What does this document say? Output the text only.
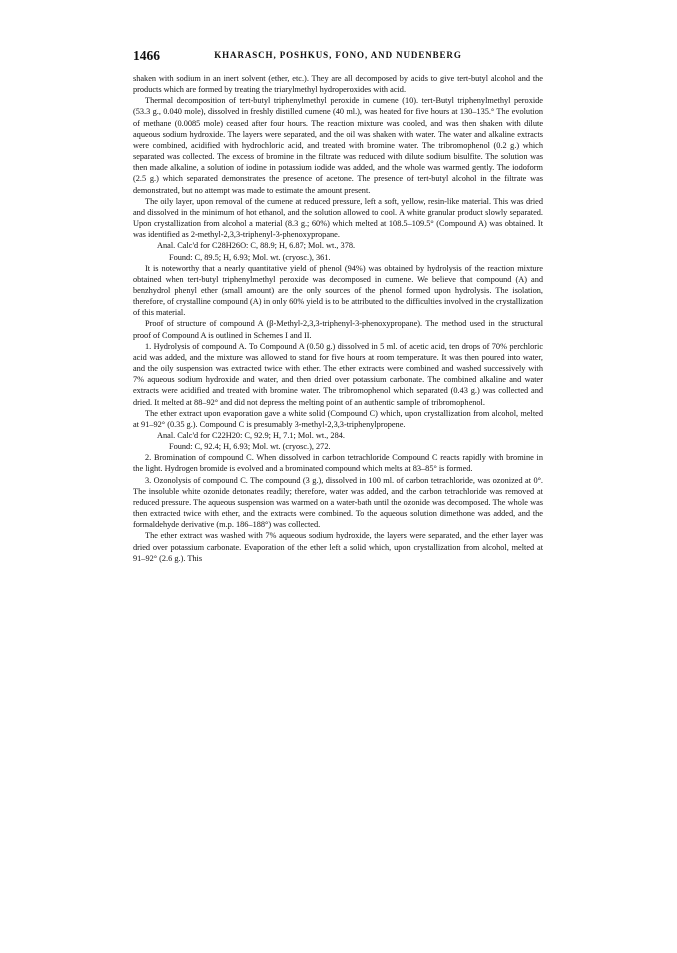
1466	KHARASCH, POSHKUS, FONO, AND NUDENBERG

shaken with sodium in an inert solvent (ether, etc.). They are all decomposed by acids to give tert-butyl alcohol and the products which are formed by treating the triarylmethyl hydroperoxides with acid.

Thermal decomposition of tert-butyl triphenylmethyl peroxide in cumene (10). tert-Butyl triphenylmethyl peroxide (53.3 g., 0.040 mole), dissolved in freshly distilled cumene (40 ml.), was heated for five hours at 130–135.° The evolution of methane (0.0085 mole) ceased after four hours. The reaction mixture was cooled, and was then shaken with dilute aqueous sodium hydroxide. The layers were separated, and the oil was shaken with water. The water and alkaline extracts were combined, acidified with hydrochloric acid, and treated with bromine water. The tribromophenol (0.2 g.) which separated was collected. The excess of bromine in the filtrate was reduced with dilute sodium bisulfite. The solution was then made alkaline, a solution of iodine in potassium iodide was added, and the whole was warmed gently. The iodoform (2.5 g.) which separated demonstrates the presence of acetone. The presence of tert-butyl alcohol in the filtrate was demonstrated, but no attempt was made to estimate the amount present.

The oily layer, upon removal of the cumene at reduced pressure, left a soft, yellow, resin-like material. This was dried and dissolved in the minimum of hot ethanol, and the solution allowed to cool. A white granular product slowly separated. Upon crystallization from alcohol a material (8.3 g.; 60%) which melted at 108.5–109.5° (Compound A) was obtained. It was identified as 2-methyl-2,3,3-triphenyl-3-phenoxypropane.

Anal. Calc'd for C28H26O: C, 88.9; H, 6.87; Mol. wt., 378.

Found: C, 89.5; H, 6.93; Mol. wt. (cryosc.), 361.

It is noteworthy that a nearly quantitative yield of phenol (94%) was obtained by hydrolysis of the reaction mixture obtained when tert-butyl triphenylmethyl peroxide was decomposed in cumene. We believe that compound (A) and benzhydrol phenyl ether (small amount) are the only sources of the phenol formed upon hydrolysis. The isolation, therefore, of crystalline compound (A) in only 60% yield is to be attributed to the difficulties involved in the crystallization of this material.

Proof of structure of compound A (β-Methyl-2,3,3-triphenyl-3-phenoxypropane). The method used in the structural proof of Compound A is outlined in Schemes I and II.

1. Hydrolysis of compound A. To Compound A (0.50 g.) dissolved in 5 ml. of acetic acid, ten drops of 70% perchloric acid was added, and the mixture was allowed to stand for five hours at room temperature. It was then poured into water, and the oily suspension was extracted twice with ether. The ether extracts were combined and washed successively with 7% aqueous sodium hydroxide and water, and then dried over potassium carbonate. The combined alkaline and water extracts were acidified and treated with bromine water. The tribromophenol which separated (0.43 g.) was collected and dried. It melted at 88–92° and did not depress the melting point of an authentic sample of tribromophenol.

The ether extract upon evaporation gave a white solid (Compound C) which, upon crystallization from alcohol, melted at 91–92° (0.35 g.). Compound C is presumably 3-methyl-2,3,3-triphenylpropene.

Anal. Calc'd for C22H20: C, 92.9; H, 7.1; Mol. wt., 284.

Found: C, 92.4; H, 6.93; Mol. wt. (cryosc.), 272.

2. Bromination of compound C. When dissolved in carbon tetrachloride Compound C reacts rapidly with bromine in the light. Hydrogen bromide is evolved and a brominated compound which melts at 83–85° is formed.

3. Ozonolysis of compound C. The compound (3 g.), dissolved in 100 ml. of carbon tetrachloride, was ozonized at 0°. The insoluble white ozonide detonates readily; therefore, water was added, and the carbon tetrachloride was removed at reduced pressure. The aqueous suspension was warmed on a water-bath until the ozonide was decomposed. The whole was then extracted twice with ether, and the extracts were combined. To the aqueous solution dimethone was added, and the formaldehyde derivative (m.p. 186–188°) was collected.

The ether extract was washed with 7% aqueous sodium hydroxide, the layers were separated, and the ether layer was dried over potassium carbonate. Evaporation of the ether left a solid which, upon crystallization from alcohol, melted at 91–92° (2.6 g.). This
